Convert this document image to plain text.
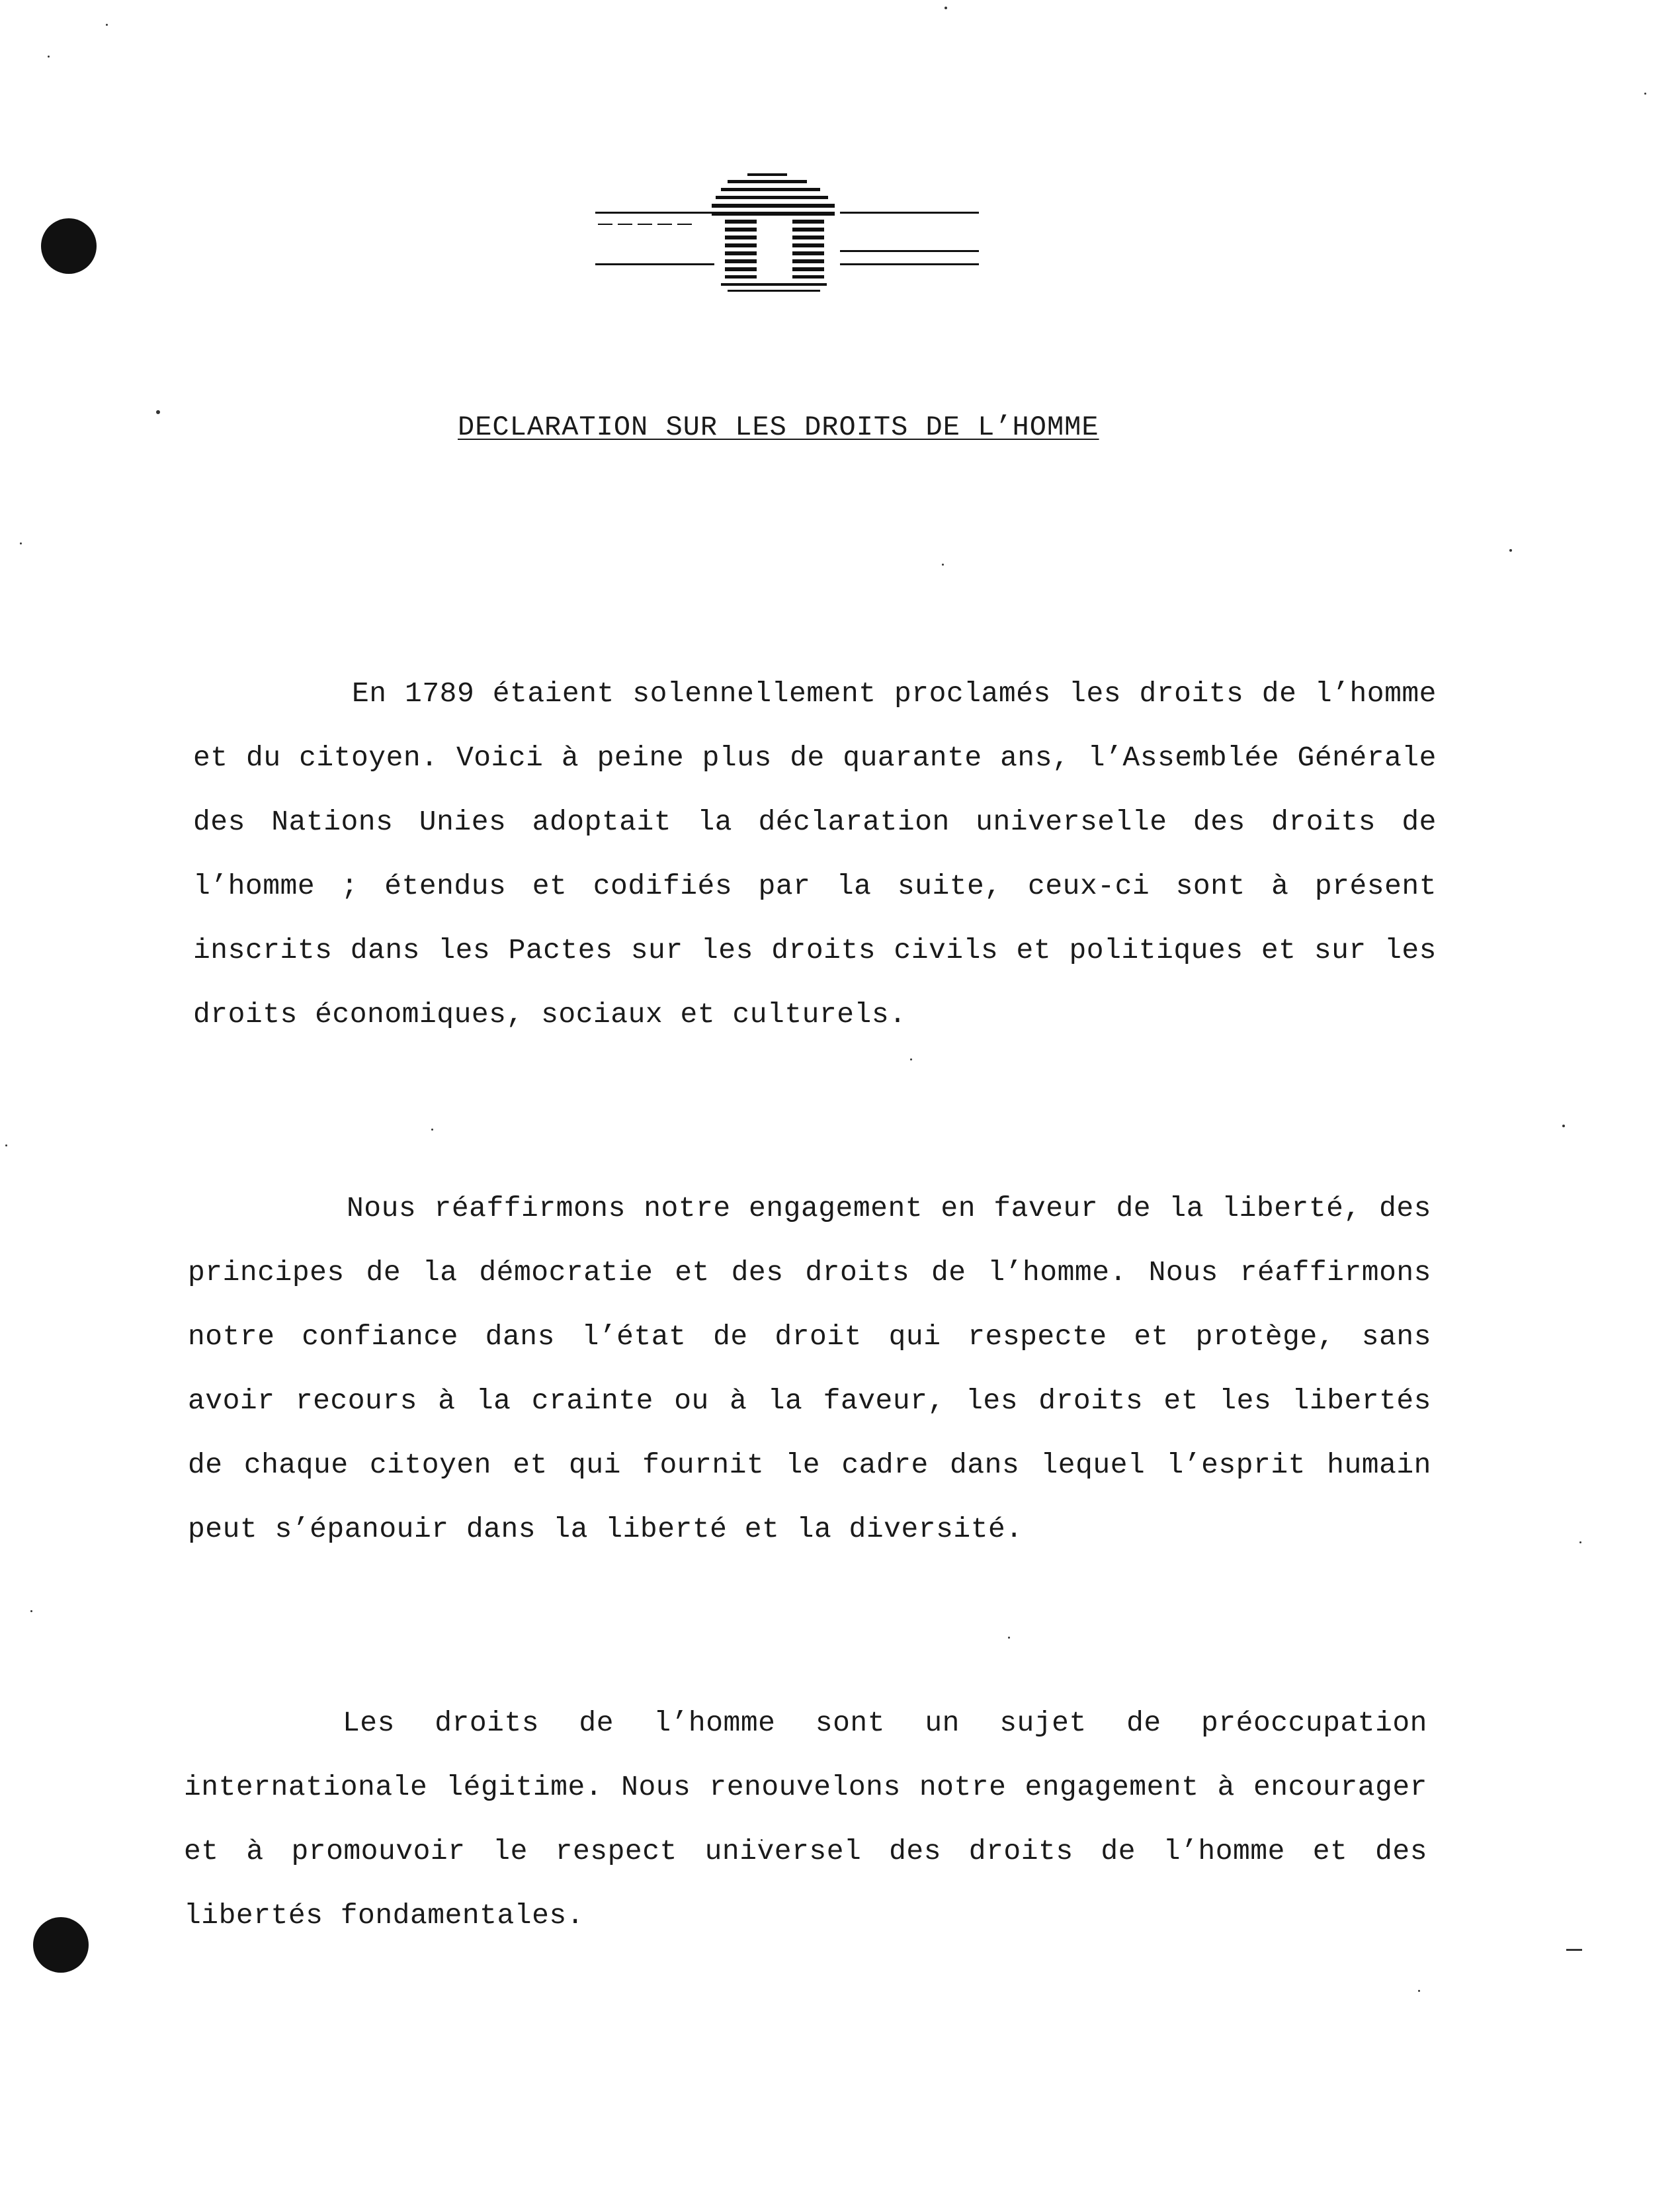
DECLARATION SUR LES DROITS DE L’HOMME

En 1789 étaient solennellement proclamés les droits de l’homme et du citoyen. Voici à peine plus de quarante ans, l’Assemblée Générale des Nations Unies adoptait la déclaration universelle des droits de l’homme ; étendus et codifiés par la suite, ceux-ci sont à présent inscrits dans les Pactes sur les droits civils et politiques et sur les droits économiques, sociaux et culturels.

Nous réaffirmons notre engagement en faveur de la liberté, des principes de la démocratie et des droits de l’homme. Nous réaffirmons notre confiance dans l’état de droit qui respecte et protège, sans avoir recours à la crainte ou à la faveur, les droits et les libertés de chaque citoyen et qui fournit le cadre dans lequel l’esprit humain peut s’épanouir dans la liberté et la diversité.

Les droits de l’homme sont un sujet de préoccupation internationale légitime. Nous renouvelons notre engagement à encourager et à promouvoir le respect universel des droits de l’homme et des libertés fondamentales.
